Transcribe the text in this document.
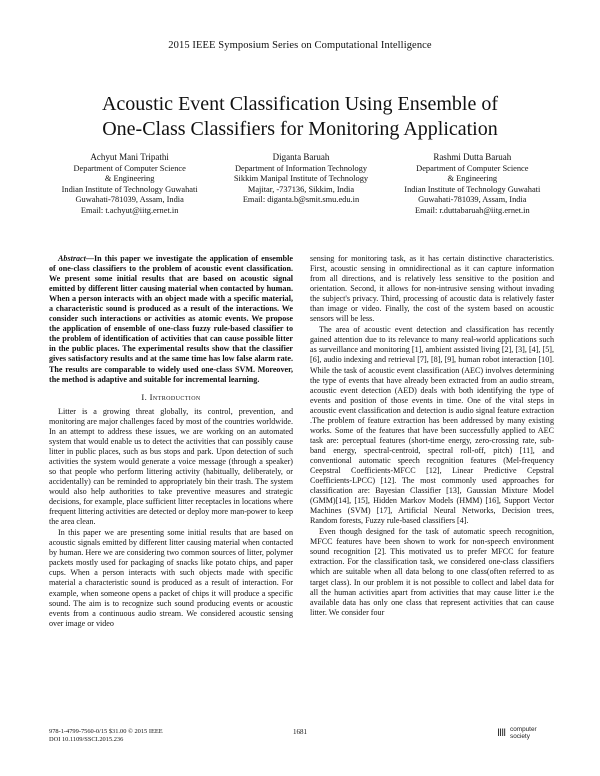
2015 IEEE Symposium Series on Computational Intelligence
Acoustic Event Classification Using Ensemble of
One-Class Classifiers for Monitoring Application
Achyut Mani Tripathi
Department of Computer Science
& Engineering
Indian Institute of Technology Guwahati
Guwahati-781039, Assam, India
Email: t.achyut@iitg.ernet.in
Diganta Baruah
Department of Information Technology
Sikkim Manipal Institute of Technology
Majitar, -737136, Sikkim, India
Email: diganta.b@smit.smu.edu.in
Rashmi Dutta Baruah
Department of Computer Science
& Engineering
Indian Institute of Technology Guwahati
Guwahati-781039, Assam, India
Email: r.duttabaruah@iitg.ernet.in

Abstract—In this paper we investigate the application of ensemble of one-class classifiers to the problem of acoustic event classification. We present some initial results that are based on acoustic signal emitted by different litter causing material when contacted by human. When a person interacts with an object made with a specific material, a characteristic sound is produced as a result of the interactions. We consider such interactions or activities as atomic events. We propose the application of ensemble of one-class fuzzy rule-based classifier to the problem of identification of activities that can cause possible litter in the public places. The experimental results show that the classifier gives satisfactory results and at the same time has low false alarm rate. The results are comparable to widely used one-class SVM. Moreover, the method is adaptive and suitable for incremental learning.

I. Introduction

Litter is a growing threat globally, its control, prevention, and monitoring are major challenges faced by most of the countries worldwide. In an attempt to address these issues, we are working on an automated system that would enable us to detect the activities that can possibly cause litter in public places, such as bus stops and park. Upon detection of such activities the system would generate a voice message (through a speaker) so that people who perform littering activity (habitually, deliberately, or accidentally) can be reminded to appropriately bin their trash. The system would also help authorities to take preventive measures and strategic decisions, for example, place sufficient litter receptacles in locations where frequent littering activities are detected or deploy more man-power to keep the area clean.

In this paper we are presenting some initial results that are based on acoustic signals emitted by different litter causing material when contacted by human. Here we are considering two common sources of litter, polymer packets mostly used for packaging of snacks like potato chips, and paper cups. When a person interacts with such objects made with specific material a characteristic sound is produced as a result of interaction. For example, when someone opens a packet of chips it will produce a specific sound. The aim is to recognize such sound producing events or acoustic events from a continuous audio stream. We considered acoustic sensing over image or video

sensing for monitoring task, as it has certain distinctive characteristics. First, acoustic sensing in omnidirectional as it can capture information from all directions, and is relatively less sensitive to the position and orientation. Second, it allows for non-intrusive sensing without invading the subject's privacy. Third, processing of acoustic data is relatively faster than image or video. Finally, the cost of the system based on acoustic sensors will be less.

The area of acoustic event detection and classification has recently gained attention due to its relevance to many real-world applications such as surveillance and monitoring [1], ambient assisted living [2], [3], [4], [5], [6], audio indexing and retrieval [7], [8], [9], human robot interaction [10]. While the task of acoustic event classification (AEC) involves determining the type of events that have already been extracted from an audio stream, acoustic event detection (AED) deals with both identifying the type of events and position of those events in time. One of the vital steps in acoustic event classification and detection is audio signal feature extraction .The problem of feature extraction has been addressed by many existing works. Some of the features that have been successfully applied to AEC task are: perceptual features (short-time energy, zero-crossing rate, sub-band energy, spectral-centroid, spectral roll-off, pitch) [11], and conventional automatic speech recognition features (Mel-frequency Ceepstral Coefficients-MFCC [12], Linear Predictive Cepstral Coefficients-LPCC) [12]. The most commonly used approaches for classification are: Bayesian Classifier [13], Gaussian Mixture Model (GMM)[14], [15], Hidden Markov Models (HMM) [16], Support Vector Machines (SVM) [17], Artificial Neural Networks, Decision trees, Random forests, Fuzzy rule-based classifiers [4].

Even though designed for the task of automatic speech recognition, MFCC features have been shown to work for non-speech environment sound recognition [2]. This motivated us to prefer MFCC for feature extraction. For the classification task, we considered one-class classifiers which are suitable when all data belong to one class(often referred to as target class). In our problem it is not possible to collect and label data for all the human activities apart from activities that may cause litter i.e the available data has only one class that represent activities that can cause litter. We consider four

978-1-4799-7560-0/15 $31.00 © 2015 IEEE
DOI 10.1109/SSCI.2015.236
1681	IIII computer
society
